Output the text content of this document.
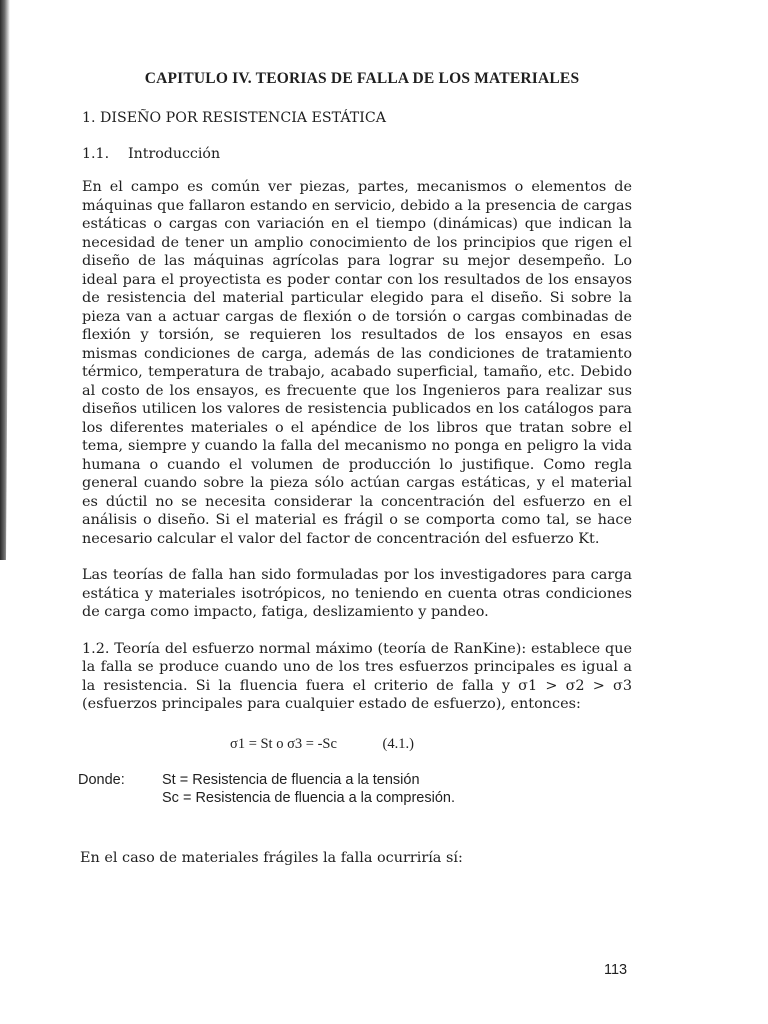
CAPITULO IV. TEORIAS DE FALLA DE LOS MATERIALES
1. DISEÑO POR RESISTENCIA ESTÁTICA
1.1. Introducción

En el campo es común ver piezas, partes, mecanismos o elementos de máquinas que fallaron estando en servicio, debido a la presencia de cargas estáticas o cargas con variación en el tiempo (dinámicas) que indican la necesidad de tener un amplio conocimiento de los principios que rigen el diseño de las máquinas agrícolas para lograr su mejor desempeño. Lo ideal para el proyectista es poder contar con los resultados de los ensayos de resistencia del material particular elegido para el diseño. Si sobre la pieza van a actuar cargas de flexión o de torsión o cargas combinadas de flexión y torsión, se requieren los resultados de los ensayos en esas mismas condiciones de carga, además de las condiciones de tratamiento térmico, temperatura de trabajo, acabado superficial, tamaño, etc. Debido al costo de los ensayos, es frecuente que los Ingenieros para realizar sus diseños utilicen los valores de resistencia publicados en los catálogos para los diferentes materiales o el apéndice de los libros que tratan sobre el tema, siempre y cuando la falla del mecanismo no ponga en peligro la vida humana o cuando el volumen de producción lo justifique. Como regla general cuando sobre la pieza sólo actúan cargas estáticas, y el material es dúctil no se necesita considerar la concentración del esfuerzo en el análisis o diseño. Si el material es frágil o se comporta como tal, se hace necesario calcular el valor del factor de concentración del esfuerzo Kt.

Las teorías de falla han sido formuladas por los investigadores para carga estática y materiales isotrópicos, no teniendo en cuenta otras condiciones de carga como impacto, fatiga, deslizamiento y pandeo.

1.2. Teoría del esfuerzo normal máximo (teoría de RanKine): establece que la falla se produce cuando uno de los tres esfuerzos principales es igual a la resistencia. Si la fluencia fuera el criterio de falla y σ1 > σ2 > σ3 (esfuerzos principales para cualquier estado de esfuerzo), entonces:

σ1 = St o σ3 = -Sc	(4.1.)
Donde:	St = Resistencia de fluencia a la tensión
Sc = Resistencia de fluencia a la compresión.
En el caso de materiales frágiles la falla ocurriría sí:
113
